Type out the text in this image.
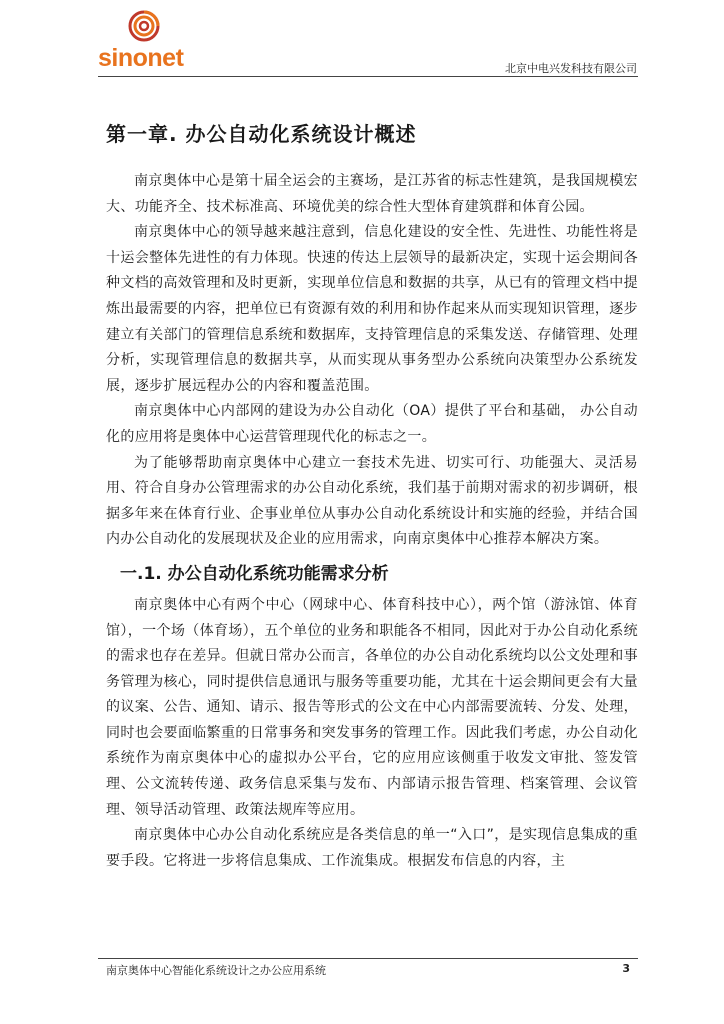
sinonet	北京中电兴发科技有限公司
第一章. 办公自动化系统设计概述

南京奥体中心是第十届全运会的主赛场，是江苏省的标志性建筑，是我国规模宏大、功能齐全、技术标准高、环境优美的综合性大型体育建筑群和体育公园。

南京奥体中心的领导越来越注意到，信息化建设的安全性、先进性、功能性将是十运会整体先进性的有力体现。快速的传达上层领导的最新决定，实现十运会期间各种文档的高效管理和及时更新，实现单位信息和数据的共享，从已有的管理文档中提炼出最需要的内容，把单位已有资源有效的利用和协作起来从而实现知识管理，逐步建立有关部门的管理信息系统和数据库，支持管理信息的采集发送、存储管理、处理分析，实现管理信息的数据共享，从而实现从事务型办公系统向决策型办公系统发展，逐步扩展远程办公的内容和覆盖范围。

南京奥体中心内部网的建设为办公自动化（OA）提供了平台和基础， 办公自动化的应用将是奥体中心运营管理现代化的标志之一。

为了能够帮助南京奥体中心建立一套技术先进、切实可行、功能强大、灵活易用、符合自身办公管理需求的办公自动化系统，我们基于前期对需求的初步调研，根据多年来在体育行业、企事业单位从事办公自动化系统设计和实施的经验，并结合国内办公自动化的发展现状及企业的应用需求，向南京奥体中心推荐本解决方案。

一.1. 办公自动化系统功能需求分析

南京奥体中心有两个中心（网球中心、体育科技中心），两个馆（游泳馆、体育馆），一个场（体育场），五个单位的业务和职能各不相同，因此对于办公自动化系统的需求也存在差异。但就日常办公而言，各单位的办公自动化系统均以公文处理和事务管理为核心，同时提供信息通讯与服务等重要功能，尤其在十运会期间更会有大量的议案、公告、通知、请示、报告等形式的公文在中心内部需要流转、分发、处理，同时也会要面临繁重的日常事务和突发事务的管理工作。因此我们考虑，办公自动化系统作为南京奥体中心的虚拟办公平台，它的应用应该侧重于收发文审批、签发管理、公文流转传递、政务信息采集与发布、内部请示报告管理、档案管理、会议管理、领导活动管理、政策法规库等应用。

南京奥体中心办公自动化系统应是各类信息的单一“入口”，是实现信息集成的重要手段。它将进一步将信息集成、工作流集成。根据发布信息的内容，主

南京奥体中心智能化系统设计之办公应用系统	3
